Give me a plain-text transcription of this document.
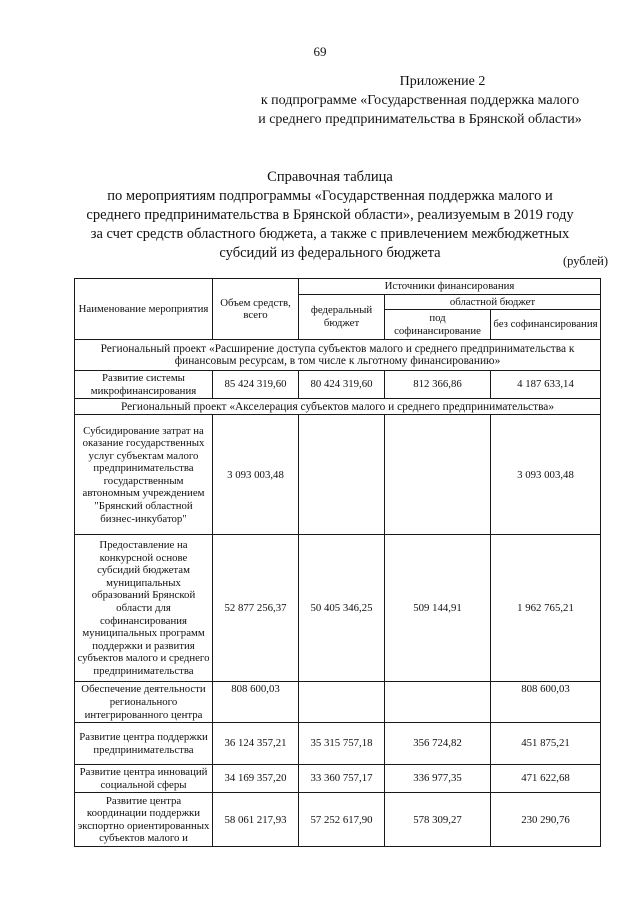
69
Приложение 2
к подпрограмме «Государственная поддержка малого
и среднего предпринимательства в Брянской области»
Справочная таблица
по мероприятиям подпрограммы «Государственная поддержка малого и
среднего предпринимательства в Брянской области», реализуемым в 2019 году
за счет средств областного бюджета, а также с привлечением межбюджетных
субсидий из федерального бюджета	(рублей)
Наименование мероприятия	Объем средств, всего	Источники финансирования		
		федеральный бюджет	областной бюджет	
			под софинансирование	без софинансирования
Региональный проект «Расширение доступа субъектов малого и среднего предпринимательства к финансовым ресурсам, в том числе к льготному финансированию»				
Развитие системы микрофинансирования	85 424 319,60	80 424 319,60	812 366,86	4 187 633,14
Региональный проект «Акселерация субъектов малого и среднего предпринимательства»				
Субсидирование затрат на оказание государственных услуг субъектам малого предпринимательства государственным автономным учреждением "Брянский областной бизнес-инкубатор"	3 093 003,48			3 093 003,48
Предоставление на конкурсной основе субсидий бюджетам муниципальных образований Брянской области для софинансирования муниципальных программ поддержки и развития субъектов малого и среднего предпринимательства	52 877 256,37	50 405 346,25	509 144,91	1 962 765,21
Обеспечение деятельности регионального интегрированного центра	808 600,03			808 600,03
Развитие центра поддержки предпринимательства	36 124 357,21	35 315 757,18	356 724,82	451 875,21
Развитие центра инноваций социальной сферы	34 169 357,20	33 360 757,17	336 977,35	471 622,68
Развитие центра координации поддержки экспортно ориентированных субъектов малого и	58 061 217,93	57 252 617,90	578 309,27	230 290,76
